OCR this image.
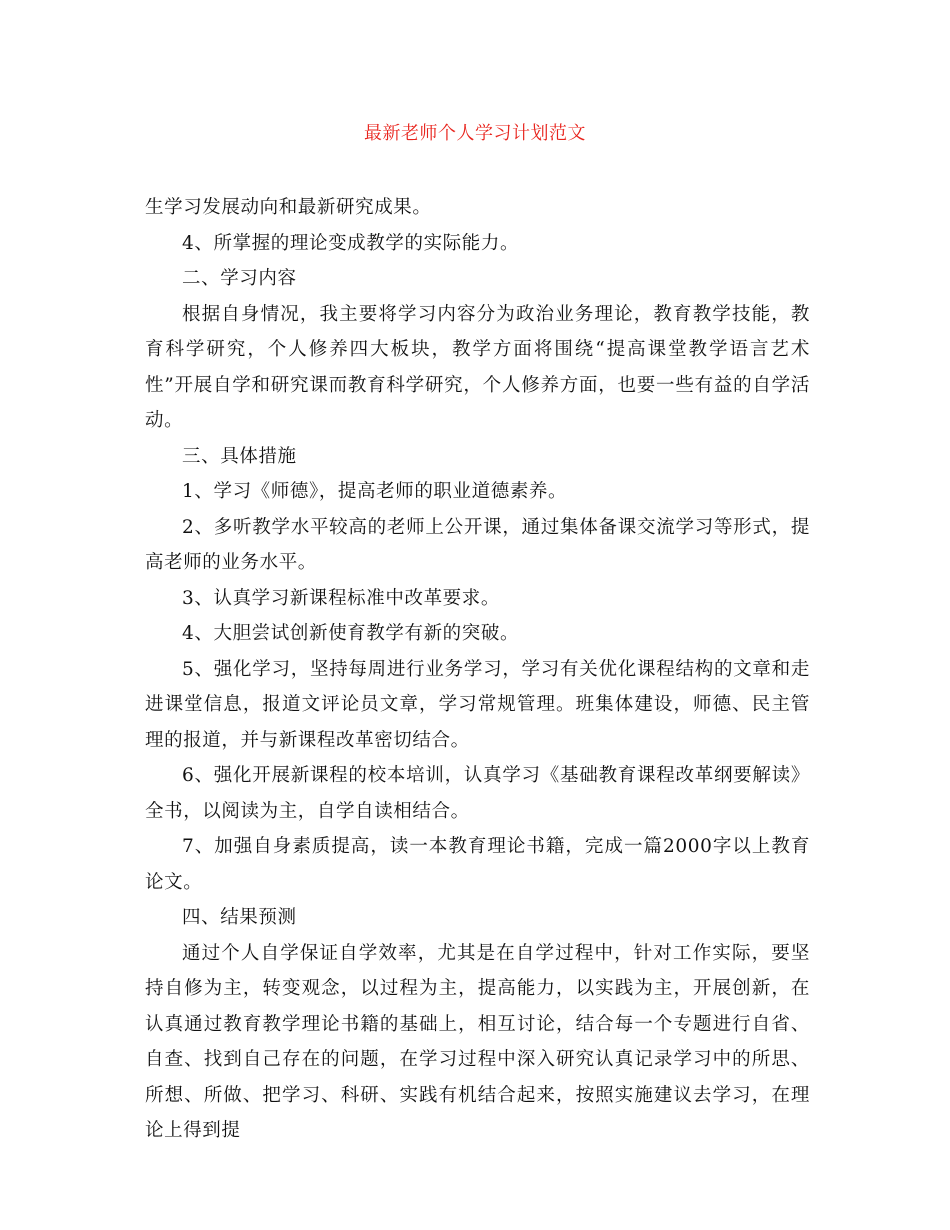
最新老师个人学习计划范文

生学习发展动向和最新研究成果。

4、所掌握的理论变成教学的实际能力。

二、学习内容

根据自身情况，我主要将学习内容分为政治业务理论，教育教学技能，教育科学研究，个人修养四大板块，教学方面将围绕“提高课堂教学语言艺术性”开展自学和研究课而教育科学研究，个人修养方面，也要一些有益的自学活动。

三、具体措施

1、学习《师德》，提高老师的职业道德素养。

2、多听教学水平较高的老师上公开课，通过集体备课交流学习等形式，提高老师的业务水平。

3、认真学习新课程标准中改革要求。

4、大胆尝试创新使育教学有新的突破。

5、强化学习，坚持每周进行业务学习，学习有关优化课程结构的文章和走进课堂信息，报道文评论员文章，学习常规管理。班集体建设，师德、民主管理的报道，并与新课程改革密切结合。

6、强化开展新课程的校本培训，认真学习《基础教育课程改革纲要解读》全书，以阅读为主，自学自读相结合。

7、加强自身素质提高，读一本教育理论书籍，完成一篇2000字以上教育论文。

四、结果预测

通过个人自学保证自学效率，尤其是在自学过程中，针对工作实际，要坚持自修为主，转变观念，以过程为主，提高能力，以实践为主，开展创新，在认真通过教育教学理论书籍的基础上，相互讨论，结合每一个专题进行自省、自查、找到自己存在的问题，在学习过程中深入研究认真记录学习中的所思、所想、所做、把学习、科研、实践有机结合起来，按照实施建议去学习，在理论上得到提
